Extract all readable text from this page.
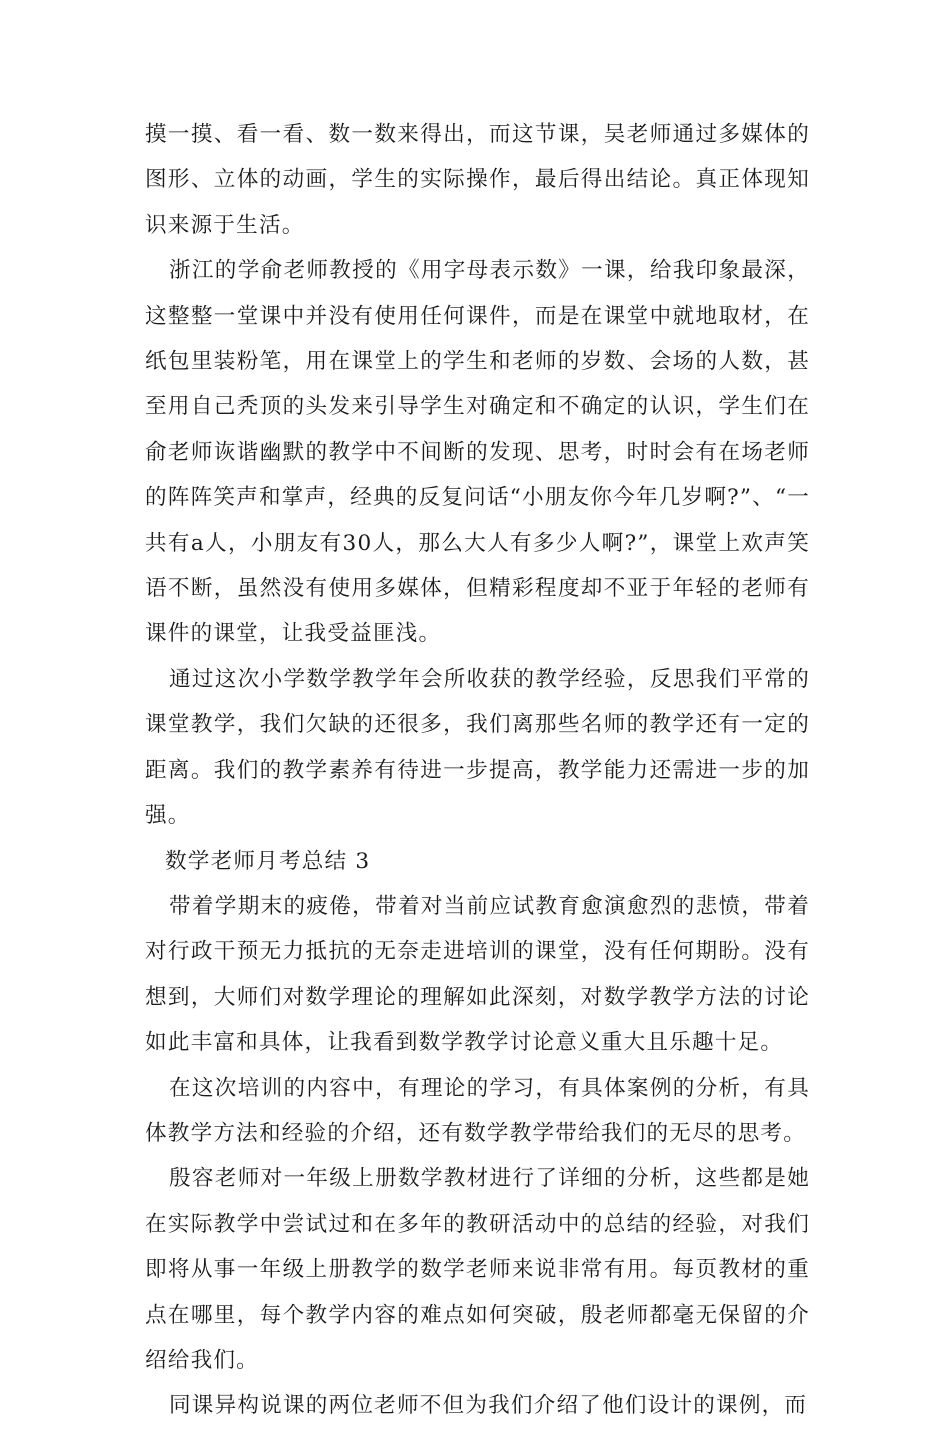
摸一摸、看一看、数一数来得出，而这节课，吴老师通过多媒体的图形、立体的动画，学生的实际操作，最后得出结论。真正体现知识来源于生活。

浙江的学俞老师教授的《用字母表示数》一课，给我印象最深，这整整一堂课中并没有使用任何课件，而是在课堂中就地取材，在纸包里装粉笔，用在课堂上的学生和老师的岁数、会场的人数，甚至用自己秃顶的头发来引导学生对确定和不确定的认识，学生们在俞老师诙谐幽默的教学中不间断的发现、思考，时时会有在场老师的阵阵笑声和掌声，经典的反复问话“小朋友你今年几岁啊?”、“一共有a人，小朋友有30人，那么大人有多少人啊?”，课堂上欢声笑语不断，虽然没有使用多媒体，但精彩程度却不亚于年轻的老师有课件的课堂，让我受益匪浅。

通过这次小学数学教学年会所收获的教学经验，反思我们平常的课堂教学，我们欠缺的还很多，我们离那些名师的教学还有一定的距离。我们的教学素养有待进一步提高，教学能力还需进一步的加强。

数学老师月考总结 3

带着学期末的疲倦，带着对当前应试教育愈演愈烈的悲愤，带着对行政干预无力抵抗的无奈走进培训的课堂，没有任何期盼。没有想到，大师们对数学理论的理解如此深刻，对数学教学方法的讨论如此丰富和具体，让我看到数学教学讨论意义重大且乐趣十足。

在这次培训的内容中，有理论的学习，有具体案例的分析，有具体教学方法和经验的介绍，还有数学教学带给我们的无尽的思考。

殷容老师对一年级上册数学教材进行了详细的分析，这些都是她在实际教学中尝试过和在多年的教研活动中的总结的经验，对我们即将从事一年级上册教学的数学老师来说非常有用。每页教材的重点在哪里，每个教学内容的难点如何突破，殷老师都毫无保留的介绍给我们。

同课异构说课的两位老师不但为我们介绍了他们设计的课例，而
